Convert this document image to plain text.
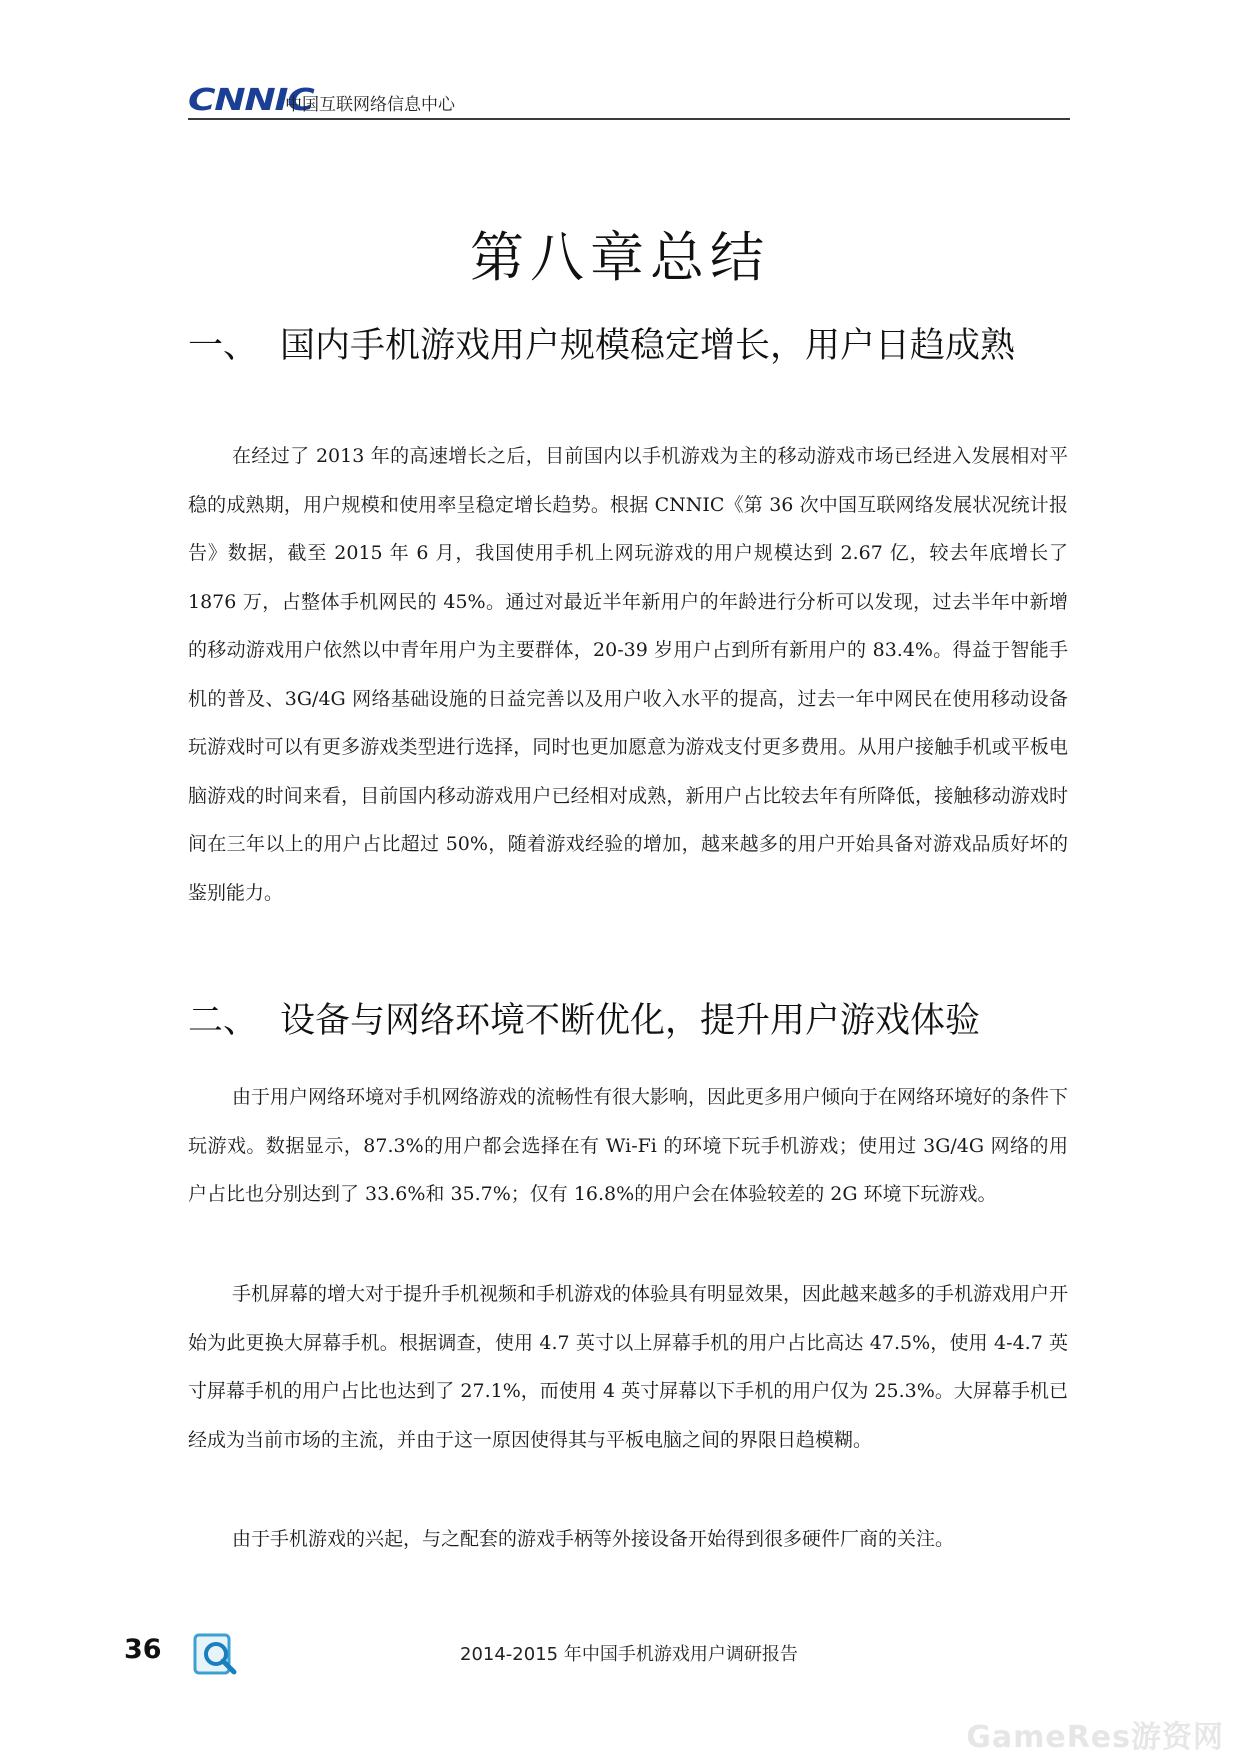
CNNIC
中国互联网络信息中心
第八章总结
一、 国内手机游戏用户规模稳定增长，用户日趋成熟

在经过了 2013 年的高速增长之后，目前国内以手机游戏为主的移动游戏市场已经进入发展相对平稳的成熟期，用户规模和使用率呈稳定增长趋势。根据 CNNIC《第 36 次中国互联网络发展状况统计报告》数据，截至 2015 年 6 月，我国使用手机上网玩游戏的用户规模达到 2.67 亿，较去年底增长了 1876 万，占整体手机网民的 45%。通过对最近半年新用户的年龄进行分析可以发现，过去半年中新增的移动游戏用户依然以中青年用户为主要群体，20-39 岁用户占到所有新用户的 83.4%。得益于智能手机的普及、3G/4G 网络基础设施的日益完善以及用户收入水平的提高，过去一年中网民在使用移动设备玩游戏时可以有更多游戏类型进行选择，同时也更加愿意为游戏支付更多费用。从用户接触手机或平板电脑游戏的时间来看，目前国内移动游戏用户已经相对成熟，新用户占比较去年有所降低，接触移动游戏时间在三年以上的用户占比超过 50%，随着游戏经验的增加，越来越多的用户开始具备对游戏品质好坏的鉴别能力。

二、 设备与网络环境不断优化，提升用户游戏体验

由于用户网络环境对手机网络游戏的流畅性有很大影响，因此更多用户倾向于在网络环境好的条件下玩游戏。数据显示，87.3%的用户都会选择在有 Wi-Fi 的环境下玩手机游戏；使用过 3G/4G 网络的用户占比也分别达到了 33.6%和 35.7%；仅有 16.8%的用户会在体验较差的 2G 环境下玩游戏。

手机屏幕的增大对于提升手机视频和手机游戏的体验具有明显效果，因此越来越多的手机游戏用户开始为此更换大屏幕手机。根据调查，使用 4.7 英寸以上屏幕手机的用户占比高达 47.5%，使用 4-4.7 英寸屏幕手机的用户占比也达到了 27.1%，而使用 4 英寸屏幕以下手机的用户仅为 25.3%。大屏幕手机已经成为当前市场的主流，并由于这一原因使得其与平板电脑之间的界限日趋模糊。

由于手机游戏的兴起，与之配套的游戏手柄等外接设备开始得到很多硬件厂商的关注。

36	2014-2015 年中国手机游戏用户调研报告
GameRes游资网
